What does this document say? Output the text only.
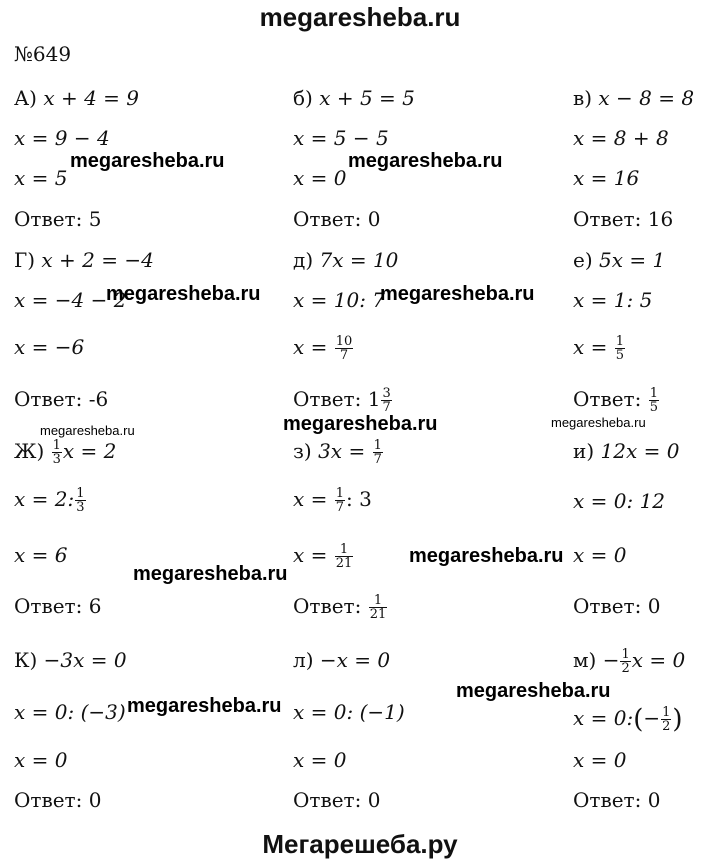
megaresheba.ru
№649
А) x + 4 = 9
x = 9 − 4
x = 5
Ответ: 5
б) x + 5 = 5
x = 5 − 5
x = 0
Ответ: 0
в) x − 8 = 8
x = 8 + 8
x = 16
Ответ: 16
Г) x + 2 = −4
x = −4 − 2
x = −6
Ответ: -6
д) 7x = 10
x = 10: 7
$x = \frac{10}{7}$
Ответ: $1 \frac{3}{7}$
е) 5x = 1
x = 1: 5
$x = \frac{1}{5}$
Ответ: $\frac{1}{5}$
$Ж) \frac{1}{3}$ x = 2
x = 2: $\frac{1}{3}$
x = 6
Ответ: 6
з) $3x = \frac{1}{7}$
$x = \frac{1}{7}$ : 3
$x = \frac{1}{21}$
Ответ: $\frac{1}{21}$
и) 12x = 0
x = 0: 12
x = 0
Ответ: 0
К) −3x = 0
x = 0: (−3)
x = 0
Ответ: 0
л) −x = 0
x = 0: (−1)
x = 0
Ответ: 0
$м) - \frac{1}{2}$ x = 0
x = 0:(− $\frac{1}{2}$ )
x = 0
Ответ: 0
megaresheba.ru	megaresheba.ru
megaresheba.ru	megaresheba.ru
megaresheba.ru	megaresheba.ru	megaresheba.ru
megaresheba.ru
megaresheba.ru
megaresheba.ru
megaresheba.ru
Мегарешеба.ру
